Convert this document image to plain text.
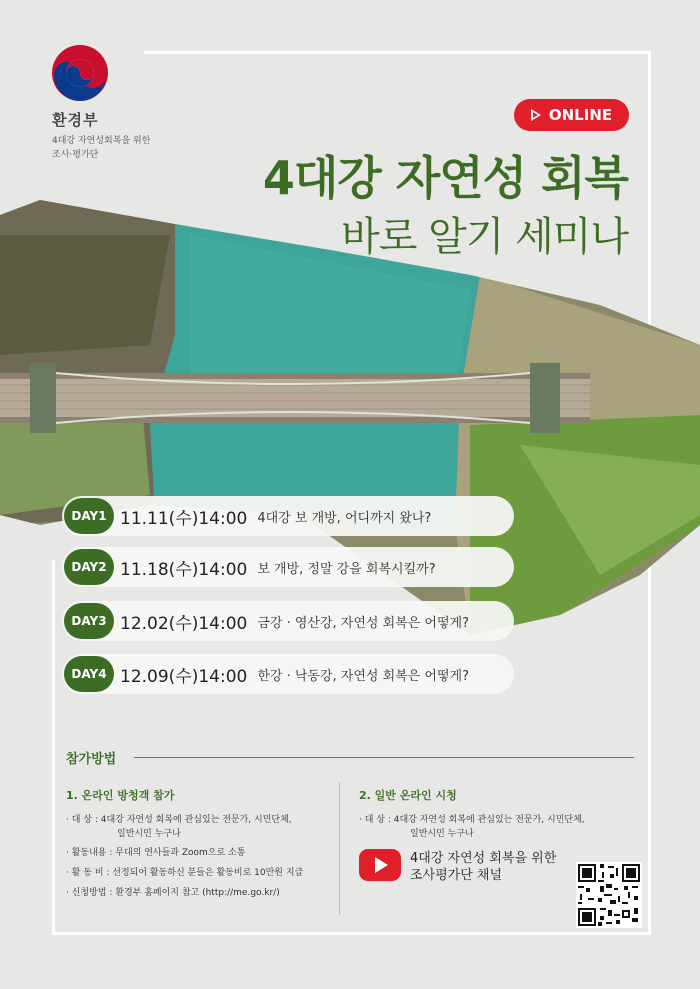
환경부
4대강 자연성회복을 위한
조사·평가단
ONLINE
4대강 자연성 회복
바로 알기 세미나
DAY1 11.11(수)14:00 4대강 보 개방, 어디까지 왔나?
DAY2 11.18(수)14:00 보 개방, 정말 강을 회복시킬까?
DAY3 12.02(수)14:00 금강 · 영산강, 자연성 회복은 어떻게?
DAY4 12.09(수)14:00 한강 · 낙동강, 자연성 회복은 어떻게?
참가방법
1. 온라인 방청객 참가
· 대 상 : 4대강 자연성 회복에 관심있는 전문가, 시민단체,
일반시민 누구나
· 활동내용 : 무대의 연사들과 Zoom으로 소통
· 활 동 비 : 선정되어 활동하신 분들은 활동비로 10만원 지급
· 신청방법 : 환경부 홈페이지 참고 (http://me.go.kr/)
2. 일반 온라인 시청
· 대 상 : 4대강 자연성 회복에 관심있는 전문가, 시민단체,
일반시민 누구나
4대강 자연성 회복을 위한
조사평가단 채널
